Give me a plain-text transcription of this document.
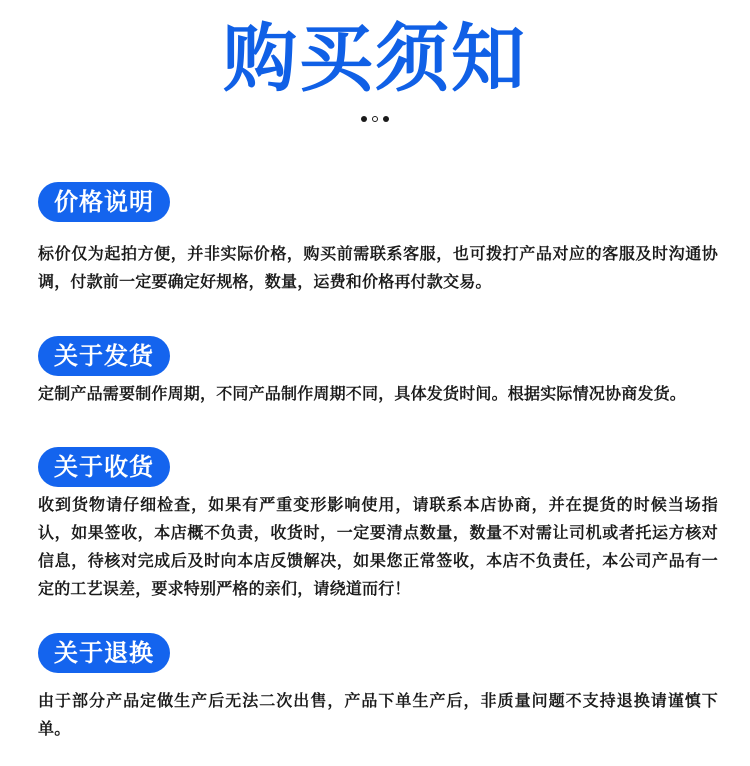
购买须知
价格说明
标价仅为起拍方便，并非实际价格，购买前需联系客服，也可拨打产品对应的客服及时沟通协调，付款前一定要确定好规格，数量，运费和价格再付款交易。
关于发货
定制产品需要制作周期，不同产品制作周期不同，具体发货时间。根据实际情况协商发货。
关于收货
收到货物请仔细检查，如果有严重变形影响使用，请联系本店协商，并在提货的时候当场指认，如果签收，本店概不负责，收货时，一定要清点数量，数量不对需让司机或者托运方核对信息，待核对完成后及时向本店反馈解决，如果您正常签收，本店不负责任，本公司产品有一定的工艺误差，要求特别严格的亲们，请绕道而行！
关于退换
由于部分产品定做生产后无法二次出售，产品下单生产后，非质量问题不支持退换请谨慎下单。
